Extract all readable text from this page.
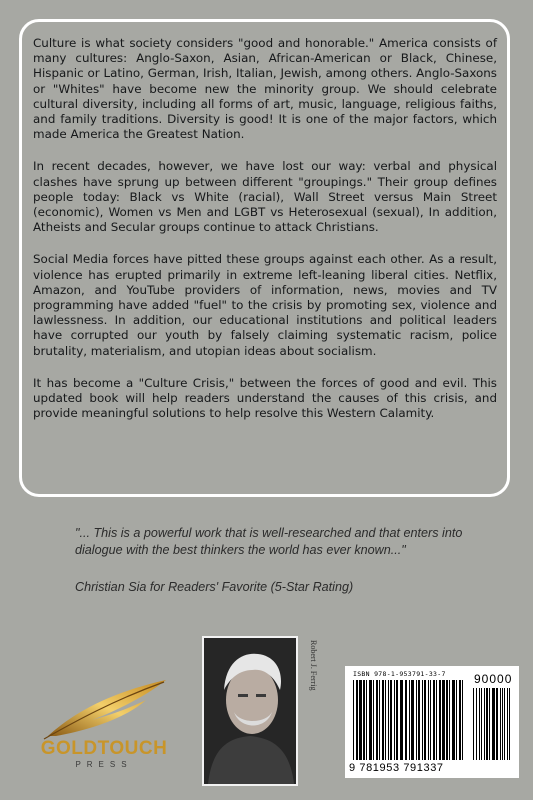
Culture is what society considers "good and honorable." America consists of many cultures: Anglo-Saxon, Asian, African-American or Black, Chinese, Hispanic or Latino, German, Irish, Italian, Jewish, among others. Anglo-Saxons or "Whites" have become new the minority group. We should celebrate cultural diversity, including all forms of art, music, language, religious faiths, and family traditions. Diversity is good! It is one of the major factors, which made America the Greatest Nation.

In recent decades, however, we have lost our way: verbal and physical clashes have sprung up between different "groupings." Their group defines people today: Black vs White (racial), Wall Street versus Main Street (economic), Women vs Men and LGBT vs Heterosexual (sexual), In addition, Atheists and Secular groups continue to attack Christians.

Social Media forces have pitted these groups against each other. As a result, violence has erupted primarily in extreme left-leaning liberal cities. Netflix, Amazon, and YouTube providers of information, news, movies and TV programming have added "fuel" to the crisis by promoting sex, violence and lawlessness. In addition, our educational institutions and political leaders have corrupted our youth by falsely claiming systematic racism, police brutality, materialism, and utopian ideas about socialism.

It has become a "Culture Crisis," between the forces of good and evil. This updated book will help readers understand the causes of this crisis, and provide meaningful solutions to help resolve this Western Calamity.

"... This is a powerful work that is well-researched and that enters into dialogue with the best thinkers the world has ever known..."

Christian Sia for Readers' Favorite (5-Star Rating)

GOLDTOUCH
PRESS

Robert J. Ferrig	ISBN 978-1-953791-33-7	90000
9 781953 791337
